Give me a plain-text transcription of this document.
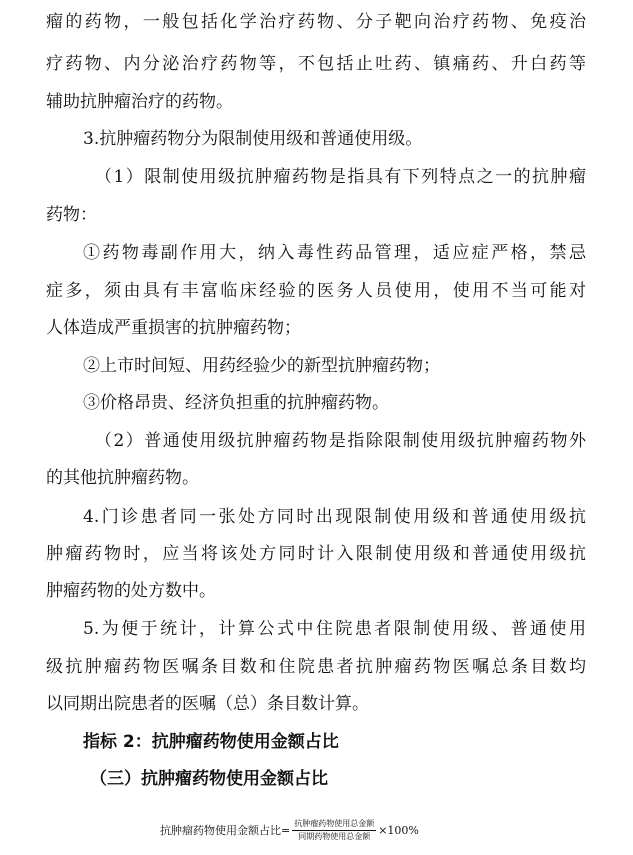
瘤的药物，一般包括化学治疗药物、分子靶向治疗药物、免疫治
疗药物、内分泌治疗药物等，不包括止吐药、镇痛药、升白药等
辅助抗肿瘤治疗的药物。
3.抗肿瘤药物分为限制使用级和普通使用级。
（1）限制使用级抗肿瘤药物是指具有下列特点之一的抗肿瘤
药物：
①药物毒副作用大，纳入毒性药品管理，适应症严格，禁忌
症多，须由具有丰富临床经验的医务人员使用，使用不当可能对
人体造成严重损害的抗肿瘤药物；
②上市时间短、用药经验少的新型抗肿瘤药物；
③价格昂贵、经济负担重的抗肿瘤药物。
（2）普通使用级抗肿瘤药物是指除限制使用级抗肿瘤药物外
的其他抗肿瘤药物。
4.门诊患者同一张处方同时出现限制使用级和普通使用级抗
肿瘤药物时，应当将该处方同时计入限制使用级和普通使用级抗
肿瘤药物的处方数中。
5.为便于统计，计算公式中住院患者限制使用级、普通使用
级抗肿瘤药物医嘱条目数和住院患者抗肿瘤药物医嘱总条目数均
以同期出院患者的医嘱（总）条目数计算。
指标 2：抗肿瘤药物使用金额占比
（三）抗肿瘤药物使用金额占比
抗肿瘤药物使用金额占比= $\frac{\text{抗肿瘤药物使用总金额}}{\text{同期药物使用总金额}} \times 100\%$
